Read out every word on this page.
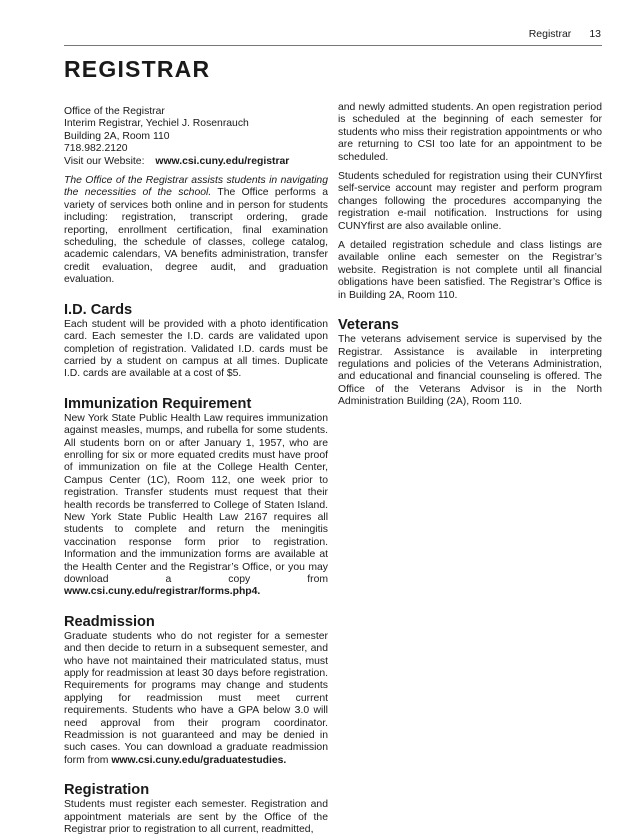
Registrar 13
REGISTRAR

Office of the Registrar

Interim Registrar, Yechiel J. Rosenrauch

Building 2A, Room 110

718.982.2120

Visit our Website: www.csi.cuny.edu/registrar

The Office of the Registrar assists students in navigating the necessities of the school. The Office performs a variety of services both online and in person for students including: registration, transcript ordering, grade reporting, enrollment certification, final examination scheduling, the schedule of classes, college catalog, academic calendars, VA benefits administration, transfer credit evaluation, degree audit, and graduation evaluation.

I.D. Cards

Each student will be provided with a photo identification card. Each semester the I.D. cards are validated upon completion of registration. Validated I.D. cards must be carried by a student on campus at all times. Duplicate I.D. cards are available at a cost of $5.

Immunization Requirement

New York State Public Health Law requires immunization against measles, mumps, and rubella for some students. All students born on or after January 1, 1957, who are enrolling for six or more equated credits must have proof of immunization on file at the College Health Center, Campus Center (1C), Room 112, one week prior to registration. Transfer students must request that their health records be transferred to College of Staten Island. New York State Public Health Law 2167 requires all students to complete and return the meningitis vaccination response form prior to registration. Information and the immunization forms are available at the Health Center and the Registrar’s Office, or you may download a copy from www.csi.cuny.edu/registrar/forms.php4.

Readmission

Graduate students who do not register for a semester and then decide to return in a subsequent semester, and who have not maintained their matriculated status, must apply for readmission at least 30 days before registration. Requirements for programs may change and students applying for readmission must meet current requirements. Students who have a GPA below 3.0 will need approval from their program coordinator. Readmission is not guaranteed and may be denied in such cases. You can download a graduate readmission form from www.csi.cuny.edu/graduatestudies.

Registration

Students must register each semester. Registration and appointment materials are sent by the Office of the Registrar prior to registration to all current, readmitted,

and newly admitted students. An open registration period is scheduled at the beginning of each semester for students who miss their registration appointments or who are returning to CSI too late for an appointment to be scheduled.

Students scheduled for registration using their CUNYfirst self-service account may register and perform program changes following the procedures accompanying the registration e-mail notification. Instructions for using CUNYfirst are also available online.

A detailed registration schedule and class listings are available online each semester on the Registrar’s website. Registration is not complete until all financial obligations have been satisfied. The Registrar’s Office is in Building 2A, Room 110.

Veterans

The veterans advisement service is supervised by the Registrar. Assistance is available in interpreting regulations and policies of the Veterans Administration, and educational and financial counseling is offered. The Office of the Veterans Advisor is in the North Administration Building (2A), Room 110.
